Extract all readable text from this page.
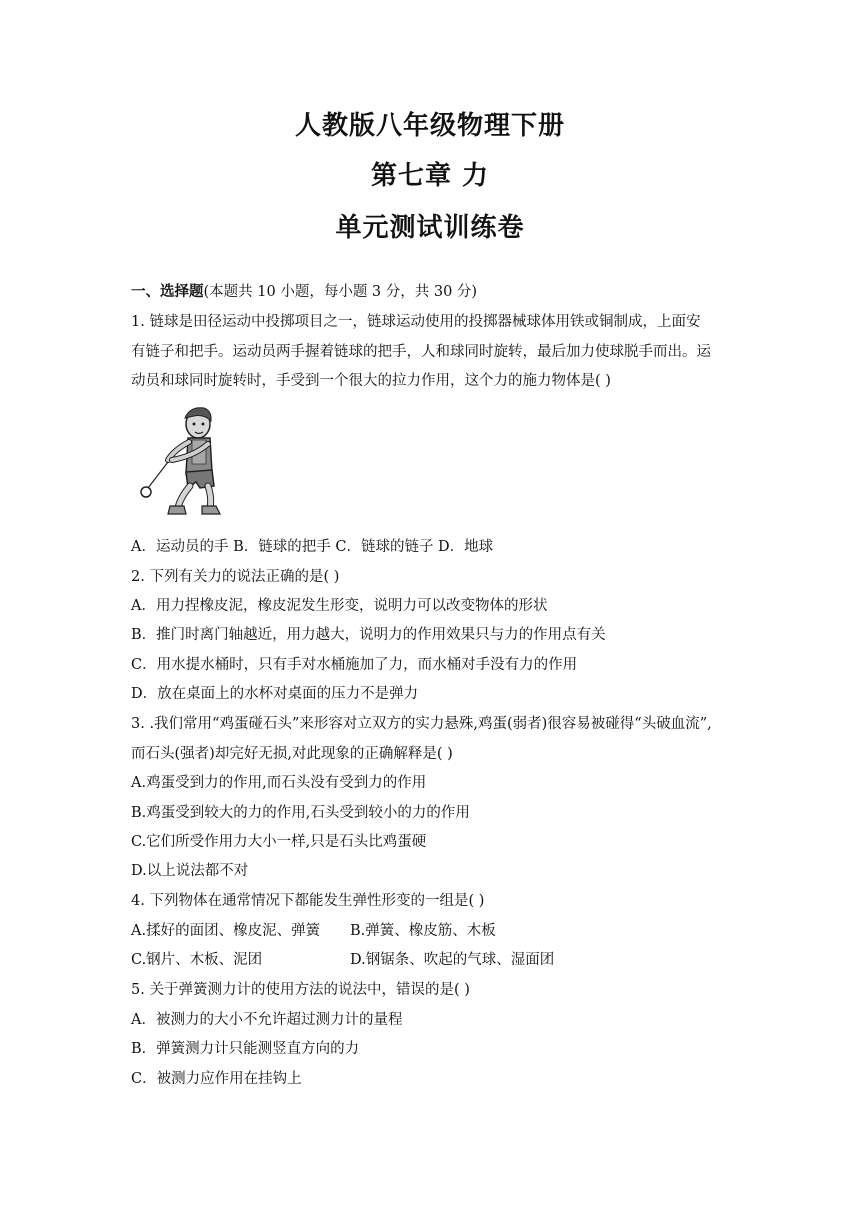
人教版八年级物理下册
第七章 力
单元测试训练卷
一、选择题(本题共 10 小题，每小题 3 分，共 30 分)
1. 链球是田径运动中投掷项目之一，链球运动使用的投掷器械球体用铁或铜制成，上面安
有链子和把手。运动员两手握着链球的把手，人和球同时旋转，最后加力使球脱手而出。运
动员和球同时旋转时，手受到一个很大的拉力作用，这个力的施力物体是( )
A．运动员的手 B．链球的把手 C．链球的链子 D．地球
2. 下列有关力的说法正确的是( )
A．用力捏橡皮泥，橡皮泥发生形变，说明力可以改变物体的形状
B．推门时离门轴越近，用力越大，说明力的作用效果只与力的作用点有关
C．用水提水桶时，只有手对水桶施加了力，而水桶对手没有力的作用
D．放在桌面上的水杯对桌面的压力不是弹力
3. .我们常用“鸡蛋碰石头”来形容对立双方的实力悬殊,鸡蛋(弱者)很容易被碰得“头破血流”,
而石头(强者)却完好无损,对此现象的正确解释是( )
A.鸡蛋受到力的作用,而石头没有受到力的作用
B.鸡蛋受到较大的力的作用,石头受到较小的力的作用
C.它们所受作用力大小一样,只是石头比鸡蛋硬
D.以上说法都不对
4. 下列物体在通常情况下都能发生弹性形变的一组是( )
A.揉好的面团、橡皮泥、弹簧 B.弹簧、橡皮筋、木板
C.钢片、木板、泥团	D.钢锯条、吹起的气球、湿面团
5. 关于弹簧测力计的使用方法的说法中，错误的是( )
A．被测力的大小不允许超过测力计的量程
B．弹簧测力计只能测竖直方向的力
C．被测力应作用在挂钩上
